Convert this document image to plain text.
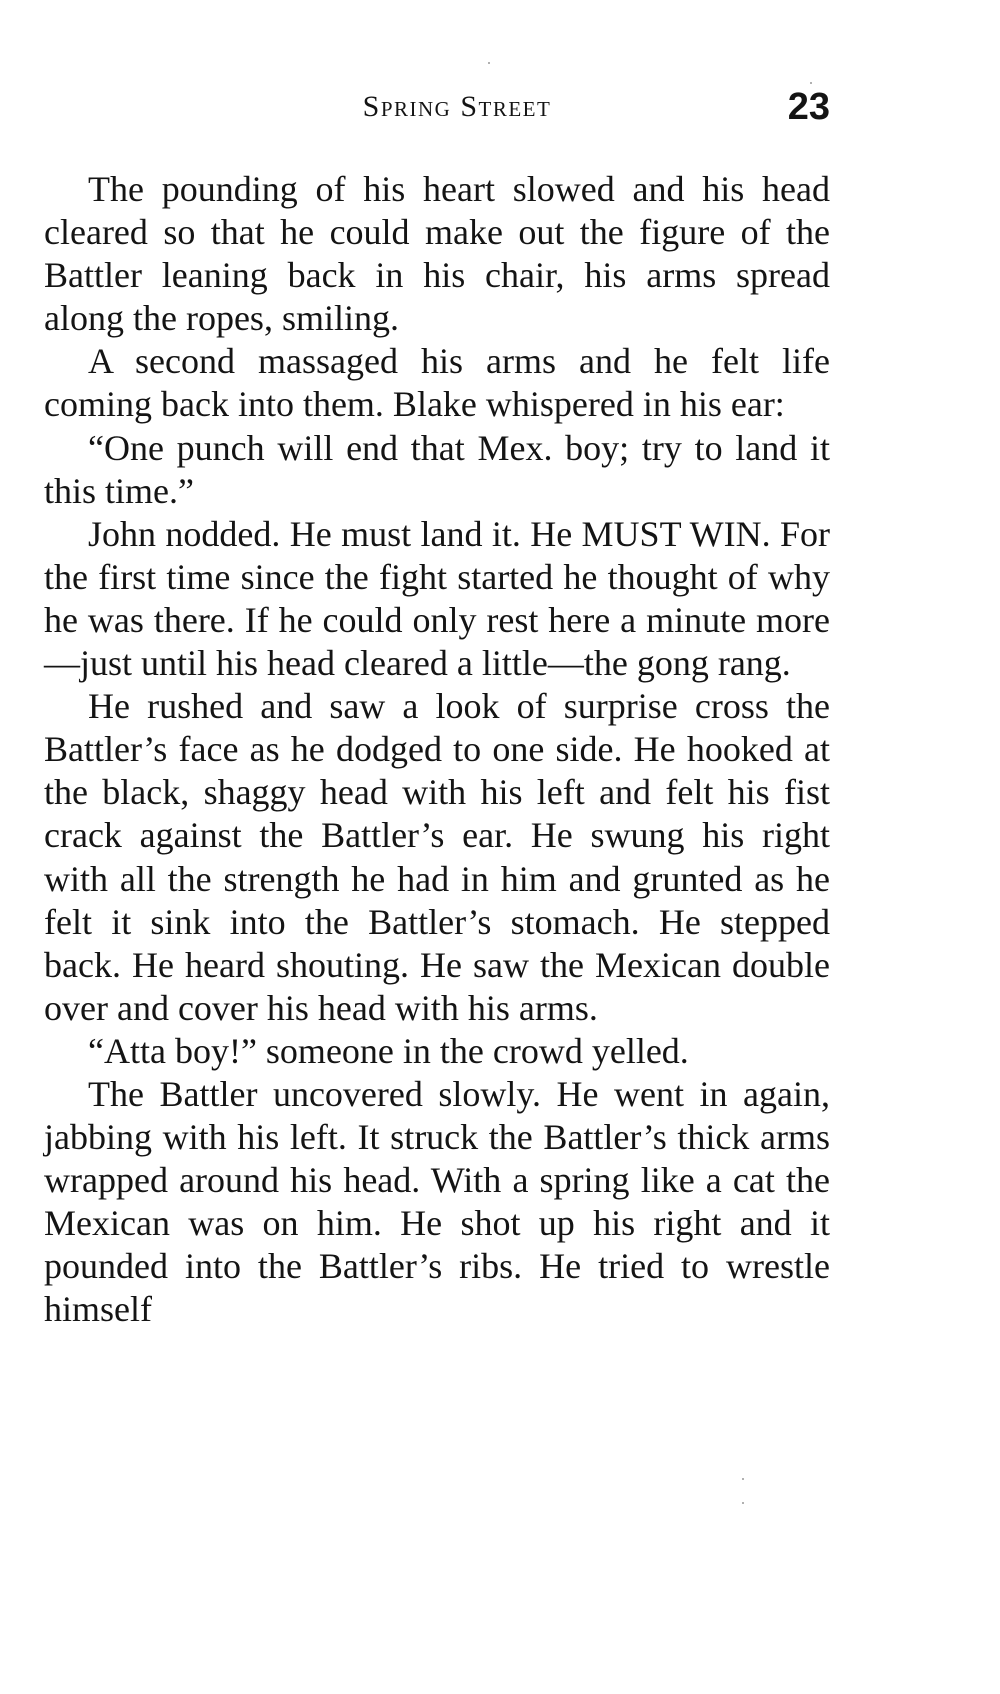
Spring Street	23

The pounding of his heart slowed and his head cleared so that he could make out the figure of the Battler leaning back in his chair, his arms spread along the ropes, smiling.

A second massaged his arms and he felt life coming back into them. Blake whispered in his ear:

“One punch will end that Mex. boy; try to land it this time.”

John nodded. He must land it. He MUST WIN. For the first time since the fight started he thought of why he was there. If he could only rest here a minute more—just until his head cleared a little—the gong rang.

He rushed and saw a look of surprise cross the Battler’s face as he dodged to one side. He hooked at the black, shaggy head with his left and felt his fist crack against the Battler’s ear. He swung his right with all the strength he had in him and grunted as he felt it sink into the Battler’s stomach. He stepped back. He heard shouting. He saw the Mexican double over and cover his head with his arms.

“Atta boy!” someone in the crowd yelled.

The Battler uncovered slowly. He went in again, jabbing with his left. It struck the Battler’s thick arms wrapped around his head. With a spring like a cat the Mexican was on him. He shot up his right and it pounded into the Battler’s ribs. He tried to wrestle himself
